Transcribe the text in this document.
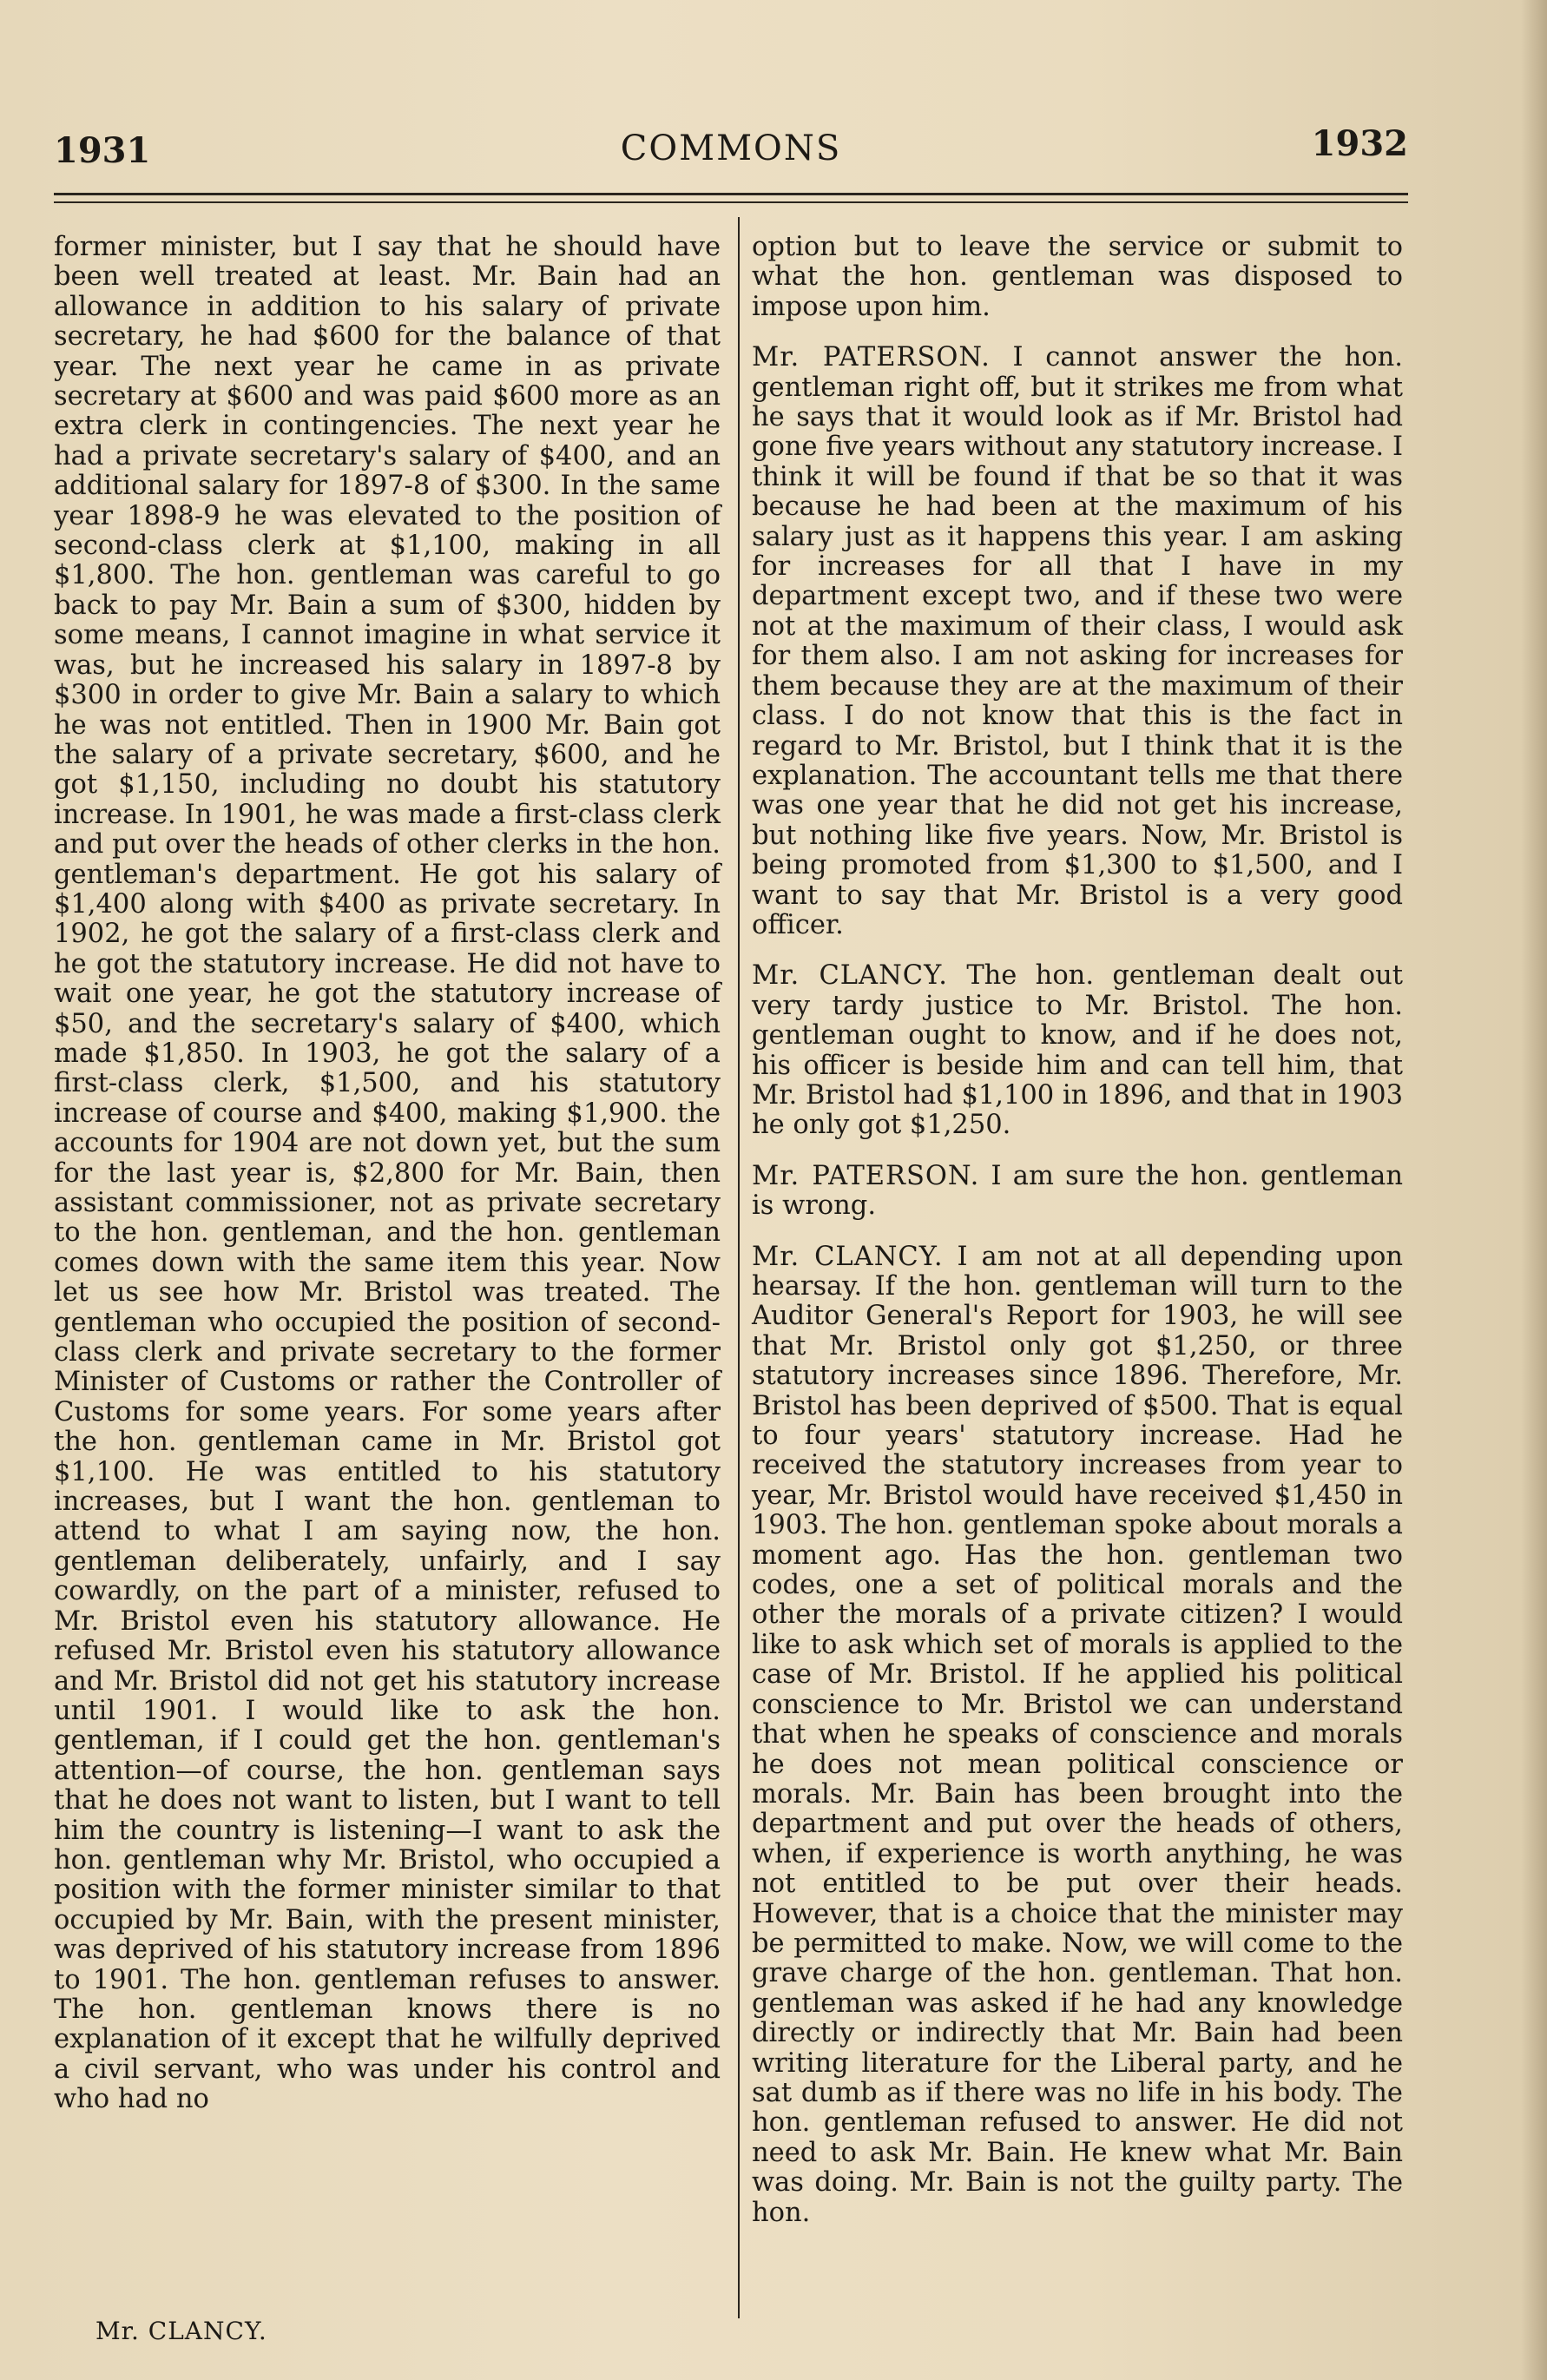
1931	COMMONS	1932

former minister, but I say that he should have been well treated at least. Mr. Bain had an allowance in addition to his salary of private secretary, he had $600 for the balance of that year. The next year he came in as private secretary at $600 and was paid $600 more as an extra clerk in contingencies. The next year he had a private secretary's salary of $400, and an additional salary for 1897-8 of $300. In the same year 1898-9 he was elevated to the position of second-class clerk at $1,100, making in all $1,800. The hon. gentleman was careful to go back to pay Mr. Bain a sum of $300, hidden by some means, I cannot imagine in what service it was, but he increased his salary in 1897-8 by $300 in order to give Mr. Bain a salary to which he was not entitled. Then in 1900 Mr. Bain got the salary of a private secretary, $600, and he got $1,150, including no doubt his statutory increase. In 1901, he was made a first-class clerk and put over the heads of other clerks in the hon. gentleman's department. He got his salary of $1,400 along with $400 as private secretary. In 1902, he got the salary of a first-class clerk and he got the statutory increase. He did not have to wait one year, he got the statutory increase of $50, and the secretary's salary of $400, which made $1,850. In 1903, he got the salary of a first-class clerk, $1,500, and his statutory increase of course and $400, making $1,900. the accounts for 1904 are not down yet, but the sum for the last year is, $2,800 for Mr. Bain, then assistant commissioner, not as private secretary to the hon. gentleman, and the hon. gentleman comes down with the same item this year. Now let us see how Mr. Bristol was treated. The gentleman who occupied the position of second-class clerk and private secretary to the former Minister of Customs or rather the Controller of Customs for some years. For some years after the hon. gentleman came in Mr. Bristol got $1,100. He was entitled to his statutory increases, but I want the hon. gentleman to attend to what I am saying now, the hon. gentleman deliberately, unfairly, and I say cowardly, on the part of a minister, refused to Mr. Bristol even his statutory allowance. He refused Mr. Bristol even his statutory allowance and Mr. Bristol did not get his statutory increase until 1901. I would like to ask the hon. gentleman, if I could get the hon. gentleman's attention—of course, the hon. gentleman says that he does not want to listen, but I want to tell him the country is listening—I want to ask the hon. gentleman why Mr. Bristol, who occupied a position with the former minister similar to that occupied by Mr. Bain, with the present minister, was deprived of his statutory increase from 1896 to 1901. The hon. gentleman refuses to answer. The hon. gentleman knows there is no explanation of it except that he wilfully deprived a civil servant, who was under his control and who had no

option but to leave the service or submit to what the hon. gentleman was disposed to impose upon him.

Mr. PATERSON. I cannot answer the hon. gentleman right off, but it strikes me from what he says that it would look as if Mr. Bristol had gone five years without any statutory increase. I think it will be found if that be so that it was because he had been at the maximum of his salary just as it happens this year. I am asking for increases for all that I have in my department except two, and if these two were not at the maximum of their class, I would ask for them also. I am not asking for increases for them because they are at the maximum of their class. I do not know that this is the fact in regard to Mr. Bristol, but I think that it is the explanation. The accountant tells me that there was one year that he did not get his increase, but nothing like five years. Now, Mr. Bristol is being promoted from $1,300 to $1,500, and I want to say that Mr. Bristol is a very good officer.

Mr. CLANCY. The hon. gentleman dealt out very tardy justice to Mr. Bristol. The hon. gentleman ought to know, and if he does not, his officer is beside him and can tell him, that Mr. Bristol had $1,100 in 1896, and that in 1903 he only got $1,250.

Mr. PATERSON. I am sure the hon. gentleman is wrong.

Mr. CLANCY. I am not at all depending upon hearsay. If the hon. gentleman will turn to the Auditor General's Report for 1903, he will see that Mr. Bristol only got $1,250, or three statutory increases since 1896. Therefore, Mr. Bristol has been deprived of $500. That is equal to four years' statutory increase. Had he received the statutory increases from year to year, Mr. Bristol would have received $1,450 in 1903. The hon. gentleman spoke about morals a moment ago. Has the hon. gentleman two codes, one a set of political morals and the other the morals of a private citizen? I would like to ask which set of morals is applied to the case of Mr. Bristol. If he applied his political conscience to Mr. Bristol we can understand that when he speaks of conscience and morals he does not mean political conscience or morals. Mr. Bain has been brought into the department and put over the heads of others, when, if experience is worth anything, he was not entitled to be put over their heads. However, that is a choice that the minister may be permitted to make. Now, we will come to the grave charge of the hon. gentleman. That hon. gentleman was asked if he had any knowledge directly or indirectly that Mr. Bain had been writing literature for the Liberal party, and he sat dumb as if there was no life in his body. The hon. gentleman refused to answer. He did not need to ask Mr. Bain. He knew what Mr. Bain was doing. Mr. Bain is not the guilty party. The hon.

Mr. CLANCY.
